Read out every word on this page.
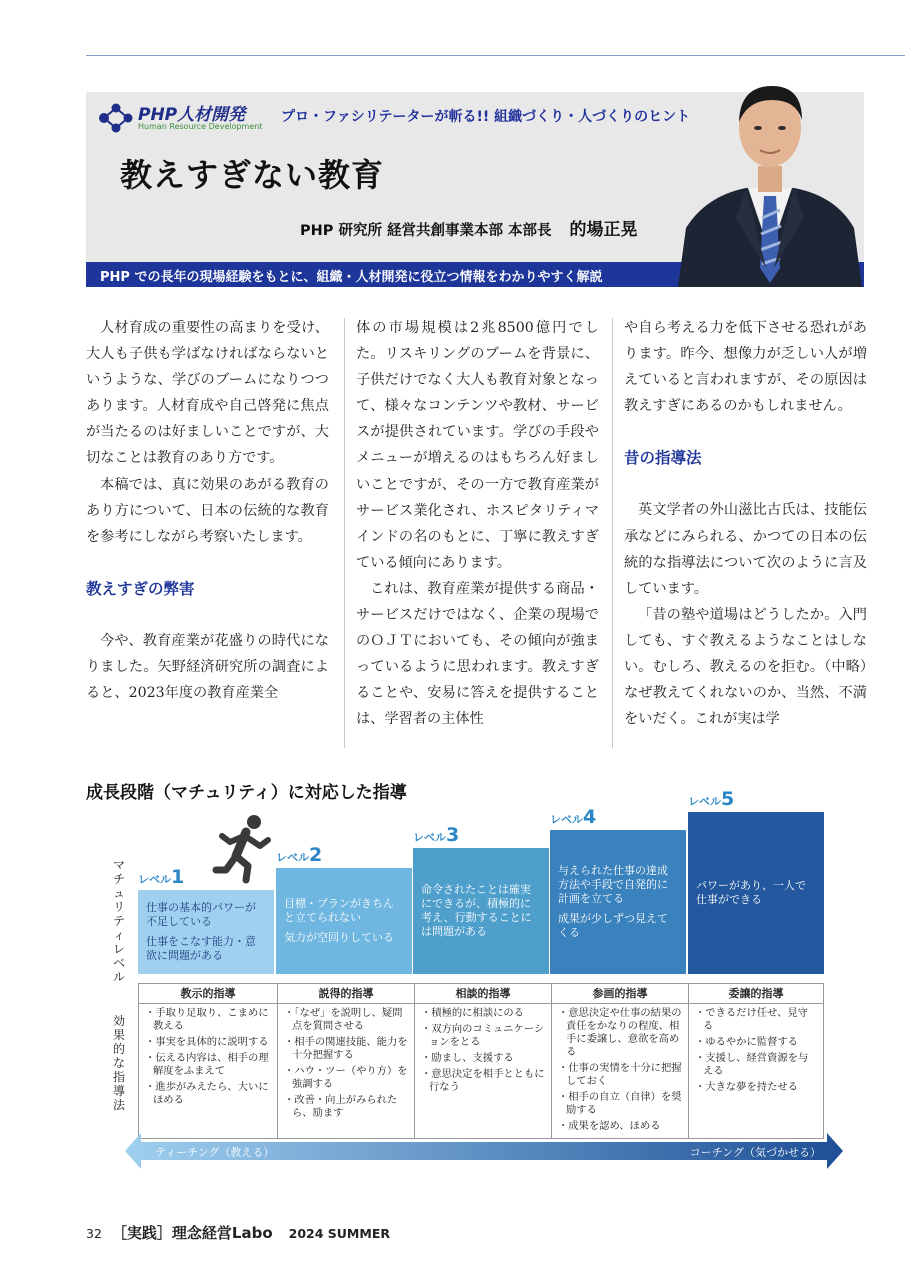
PHP人材開発
Human Resource Development
プロ・ファシリテーターが斬る!! 組織づくり・人づくりのヒント
教えすぎない教育
PHP 研究所 経営共創事業本部 本部長 的場正晃
PHP での長年の現場経験をもとに、組織・人材開発に役立つ情報をわかりやすく解説

人材育成の重要性の高まりを受け、大人も子供も学ばなければならないというような、学びのブームになりつつあります。人材育成や自己啓発に焦点が当たるのは好ましいことですが、大切なことは教育のあり方です。

本稿では、真に効果のあがる教育のあり方について、日本の伝統的な教育を参考にしながら考察いたします。

教えすぎの弊害

今や、教育産業が花盛りの時代になりました。矢野経済研究所の調査によると、2023年度の教育産業全

体の市場規模は2兆8500億円でした。リスキリングのブームを背景に、子供だけでなく大人も教育対象となって、様々なコンテンツや教材、サービスが提供されています。学びの手段やメニューが増えるのはもちろん好ましいことですが、その一方で教育産業がサービス業化され、ホスピタリティマインドの名のもとに、丁寧に教えすぎている傾向にあります。

これは、教育産業が提供する商品・サービスだけではなく、企業の現場でのＯＪＴにおいても、その傾向が強まっているように思われます。教えすぎることや、安易に答えを提供することは、学習者の主体性

や自ら考える力を低下させる恐れがあります。昨今、想像力が乏しい人が増えていると言われますが、その原因は教えすぎにあるのかもしれません。

昔の指導法

英文学者の外山滋比古氏は、技能伝承などにみられる、かつての日本の伝統的な指導法について次のように言及しています。

「昔の塾や道場はどうしたか。入門しても、すぐ教えるようなことはしない。むしろ、教えるのを拒む。（中略）なぜ教えてくれないのか、当然、不満をいだく。これが実は学

成長段階（マチュリティ）に対応した指導
マチュリティレベル
効果的な指導法
レベル1
仕事の基本的パワーが不足している
仕事をこなす能力・意欲に問題がある
レベル2
目標・プランがきちんと立てられない
気力が空回りしている
レベル3
命令されたことは確実にできるが、積極的に考え、行動することには問題がある
レベル4
与えられた仕事の達成方法や手段で自発的に計画を立てる
成果が少しずつ見えてくる
レベル5
パワーがあり、一人で仕事ができる
教示的指導
・ 手取り足取り、こまめに教える
・ 事実を具体的に説明する
・ 伝える内容は、相手の理解度をふまえて
・ 進歩がみえたら、大いにほめる
説得的指導
・ 「なぜ」を説明し、疑問点を質問させる
・ 相手の関連技能、能力を十分把握する
・ ハウ・ツー（やり方）を強調する
・ 改善・向上がみられたら、励ます
相談的指導
・ 積極的に相談にのる
・ 双方向のコミュニケーションをとる
・ 励まし、支援する
・ 意思決定を相手とともに行なう
参画的指導
・ 意思決定や仕事の結果の責任をかなりの程度、相手に委譲し、意欲を高める
・ 仕事の実情を十分に把握しておく
・ 相手の自立（自律）を奨励する
・ 成果を認め、ほめる
委譲的指導
・ できるだけ任せ、見守る
・ ゆるやかに監督する
・ 支援し、経営資源を与える
・ 大きな夢を持たせる
ティーチング（教える）	コーチング（気づかせる）
32 ［実践］理念経営Labo 2024 SUMMER
